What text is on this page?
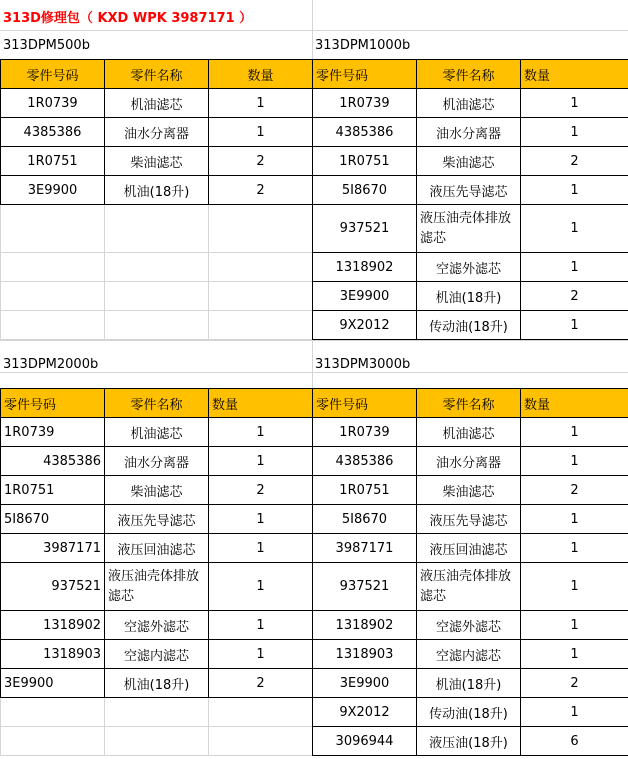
313D修理包（ KXD WPK 3987171 ）
313DPM500b	313DPM1000b
313DPM2000b	313DPM3000b
零件号码	零件名称	数量
1R0739	机油滤芯	1
4385386	油水分离器	1
1R0751	柴油滤芯	2
3E9900	机油(18升)	2

零件号码	零件名称	数量
1R0739	机油滤芯	1
4385386	油水分离器	1
1R0751	柴油滤芯	2
5I8670	液压先导滤芯	1
937521	液压油壳体排放滤芯	1
1318902	空滤外滤芯	1
3E9900	机油(18升)	2
9X2012	传动油(18升)	1
零件号码	零件名称	数量
1R0739	机油滤芯	1
4385386	油水分离器	1
1R0751	柴油滤芯	2
5I8670	液压先导滤芯	1
3987171	液压回油滤芯	1
937521	液压油壳体排放滤芯	1
1318902	空滤外滤芯	1
1318903	空滤内滤芯	1
3E9900	机油(18升)	2

零件号码	零件名称	数量
1R0739	机油滤芯	1
4385386	油水分离器	1
1R0751	柴油滤芯	2
5I8670	液压先导滤芯	1
3987171	液压回油滤芯	1
937521	液压油壳体排放滤芯	1
1318902	空滤外滤芯	1
1318903	空滤内滤芯	1
3E9900	机油(18升)	2
9X2012	传动油(18升)	1
3096944	液压油(18升)	6
